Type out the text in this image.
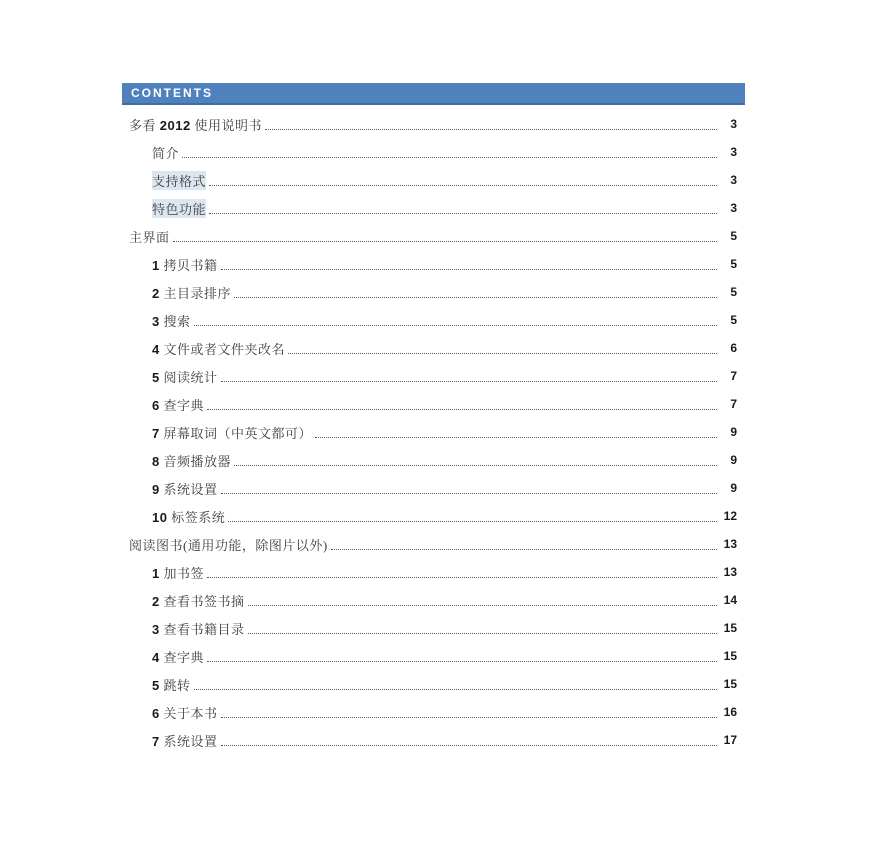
CONTENTS
多看 2012 使用说明书	3
简介	3
支持格式	3
特色功能	3
主界面	5
1 拷贝书籍	5
2 主目录排序	5
3 搜索	5
4 文件或者文件夹改名	6
5 阅读统计	7
6 查字典	7
7 屏幕取词（中英文都可）	9
8 音频播放器	9
9 系统设置	9
10 标签系统	12
阅读图书(通用功能，除图片以外)	13
1 加书签	13
2 查看书签书摘	14
3 查看书籍目录	15
4 查字典	15
5 跳转	15
6 关于本书	16
7 系统设置	17
